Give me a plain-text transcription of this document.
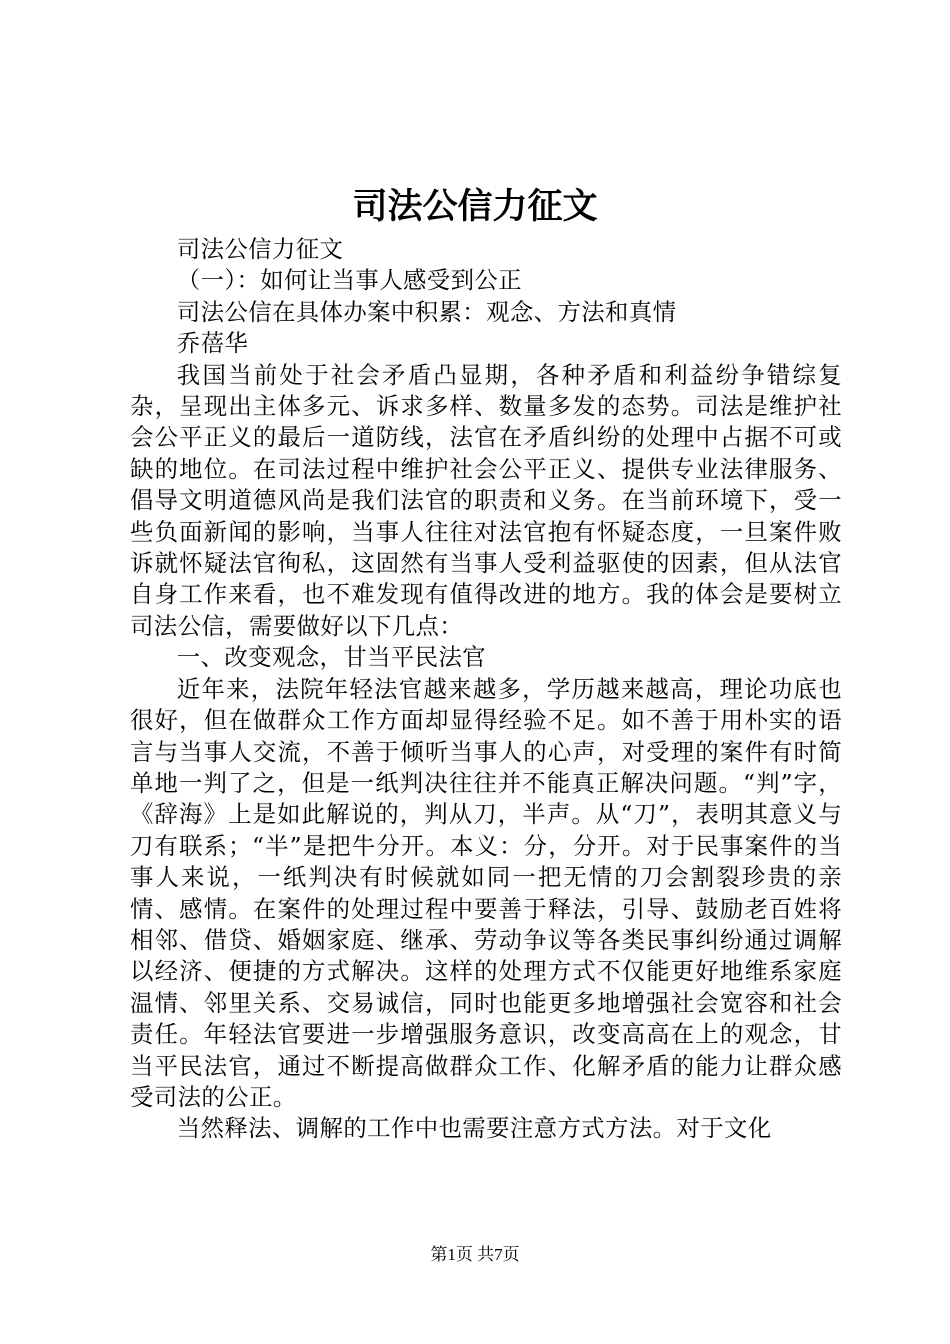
司法公信力征文

司法公信力征文

（一）：如何让当事人感受到公正

司法公信在具体办案中积累：观念、方法和真情

乔蓓华

我国当前处于社会矛盾凸显期，各种矛盾和利益纷争错综复杂，呈现出主体多元、诉求多样、数量多发的态势。司法是维护社会公平正义的最后一道防线，法官在矛盾纠纷的处理中占据不可或缺的地位。在司法过程中维护社会公平正义、提供专业法律服务、倡导文明道德风尚是我们法官的职责和义务。在当前环境下，受一些负面新闻的影响，当事人往往对法官抱有怀疑态度，一旦案件败诉就怀疑法官徇私，这固然有当事人受利益驱使的因素，但从法官自身工作来看，也不难发现有值得改进的地方。我的体会是要树立司法公信，需要做好以下几点：

一、改变观念，甘当平民法官

近年来，法院年轻法官越来越多，学历越来越高，理论功底也很好，但在做群众工作方面却显得经验不足。如不善于用朴实的语言与当事人交流，不善于倾听当事人的心声，对受理的案件有时简单地一判了之，但是一纸判决往往并不能真正解决问题。“判”字，《辞海》上是如此解说的，判从刀，半声。从“刀”，表明其意义与刀有联系；“半”是把牛分开。本义：分，分开。对于民事案件的当事人来说，一纸判决有时候就如同一把无情的刀会割裂珍贵的亲情、感情。在案件的处理过程中要善于释法，引导、鼓励老百姓将相邻、借贷、婚姻家庭、继承、劳动争议等各类民事纠纷通过调解以经济、便捷的方式解决。这样的处理方式不仅能更好地维系家庭温情、邻里关系、交易诚信，同时也能更多地增强社会宽容和社会责任。年轻法官要进一步增强服务意识，改变高高在上的观念，甘当平民法官，通过不断提高做群众工作、化解矛盾的能力让群众感受司法的公正。

当然释法、调解的工作中也需要注意方式方法。对于文化

第1页 共7页
